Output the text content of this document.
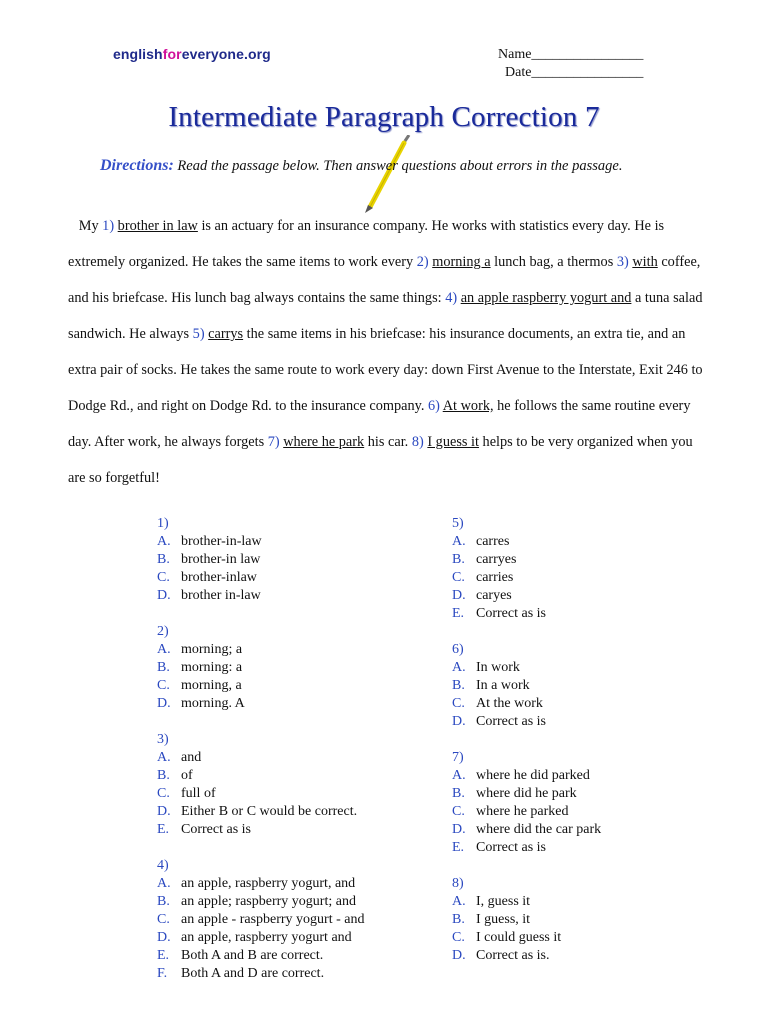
englishforeveryone.org	Name________________
Date________________
Intermediate Paragraph Correction 7
Directions: Read the passage below. Then answer questions about errors in the passage.

My 1) brother in law is an actuary for an insurance company. He works with statistics every day. He is extremely organized. He takes the same items to work every 2) morning a lunch bag, a thermos 3) with coffee, and his briefcase. His lunch bag always contains the same things: 4) an apple raspberry yogurt and a tuna salad sandwich. He always 5) carrys the same items in his briefcase: his insurance documents, an extra tie, and an extra pair of socks. He takes the same route to work every day: down First Avenue to the Interstate, Exit 246 to Dodge Rd., and right on Dodge Rd. to the insurance company. 6) At work, he follows the same routine every day. After work, he always forgets 7) where he park his car. 8) I guess it helps to be very organized when you are so forgetful!

1)
A. brother-in-law
B. brother-in law
C. brother-inlaw
D. brother in-law
2)
A. morning; a
B. morning: a
C. morning, a
D. morning. A
3)
A. and
B. of
C. full of
D. Either B or C would be correct.
E. Correct as is
4)
A. an apple, raspberry yogurt, and
B. an apple; raspberry yogurt; and
C. an apple - raspberry yogurt - and
D. an apple, raspberry yogurt and
E. Both A and B are correct.
F. Both A and D are correct.
5)
A. carres
B. carryes
C. carries
D. caryes
E. Correct as is
6)
A. In work
B. In a work
C. At the work
D. Correct as is
7)
A. where he did parked
B. where did he park
C. where he parked
D. where did the car park
E. Correct as is
8)
A. I, guess it
B. I guess, it
C. I could guess it
D. Correct as is.
